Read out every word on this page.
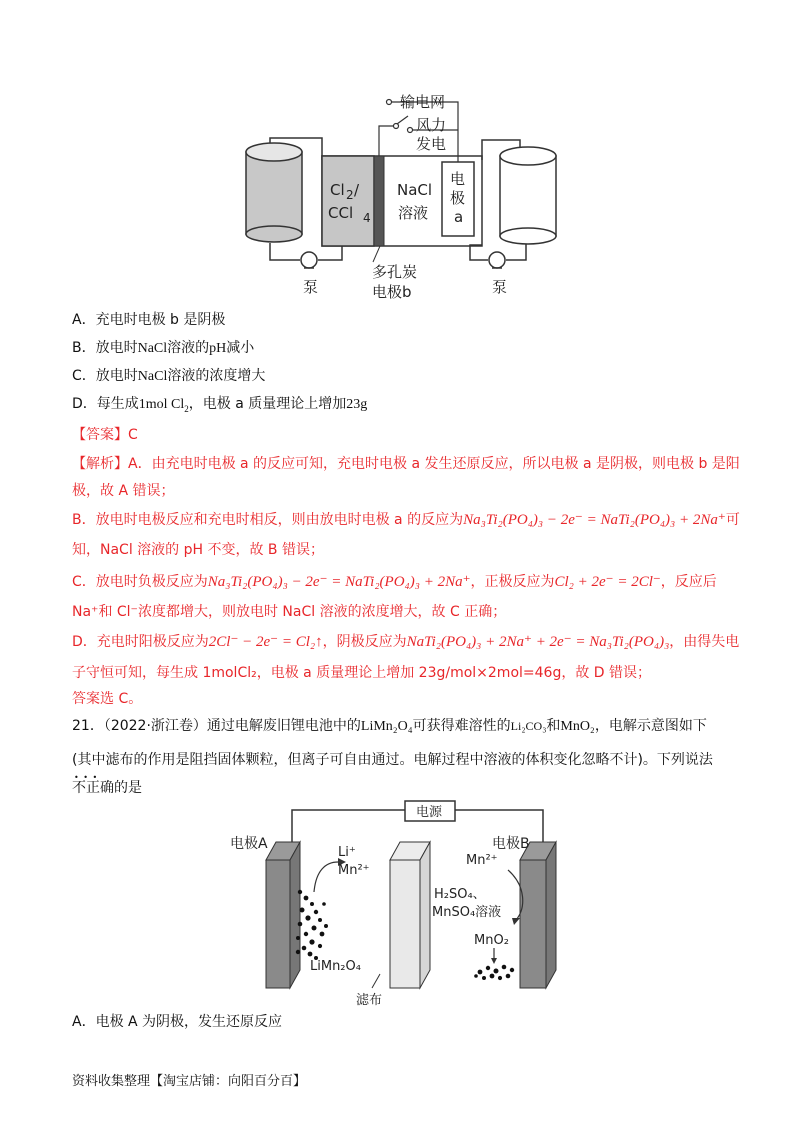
输电网
风力
发电
Cl 2 /
CCl 4
NaCl
溶液
电
极
a
多孔炭
电极b
泵	泵
A．充电时电极 b 是阴极
B．放电时NaCl溶液的pH减小
C．放电时NaCl溶液的浓度增大
D．每生成1mol $Cl_2$，电极 a 质量理论上增加23g
【答案】C
【解析】A．由充电时电极 a 的反应可知，充电时电极 a 发生还原反应，所以电极 a 是阴极，则电极 b 是阳
极，故 A 错误；
B．放电时电极反应和充电时相反，则由放电时电极 a 的反应为Na₃Ti₂(PO₄)₃ − 2e⁻ = NaTi₂(PO₄)₃ + 2Na⁺可
知，NaCl 溶液的 pH 不变，故 B 错误；
C．放电时负极反应为Na₃Ti₂(PO₄)₃ − 2e⁻ = NaTi₂(PO₄)₃ + 2Na⁺，正极反应为Cl₂ + 2e⁻ = 2Cl⁻，反应后
Na⁺和 Cl⁻浓度都增大，则放电时 NaCl 溶液的浓度增大，故 C 正确；
D．充电时阳极反应为2Cl⁻ − 2e⁻ = Cl₂↑，阴极反应为NaTi₂(PO₄)₃ + 2Na⁺ + 2e⁻ = Na₃Ti₂(PO₄)₃，由得失电
子守恒可知，每生成 1molCl₂，电极 a 质量理论上增加 23g/mol×2mol=46g，故 D 错误；
答案选 C。
21．（2022·浙江卷）通过电解废旧锂电池中的LiMn₂O₄可获得难溶性的Li₂CO₃和MnO₂，电解示意图如下
(其中滤布的作用是阻挡固体颗粒，但离子可自由通过。电解过程中溶液的体积变化忽略不计)。下列说法
• • • 不正确的是
电源
电极A	电极B
Li⁺
Mn²⁺
Mn²⁺
H₂SO₄、
MnSO₄溶液
MnO₂
LiMn₂O₄
滤布
A．电极 A 为阴极，发生还原反应
资料收集整理【淘宝店铺：向阳百分百】
